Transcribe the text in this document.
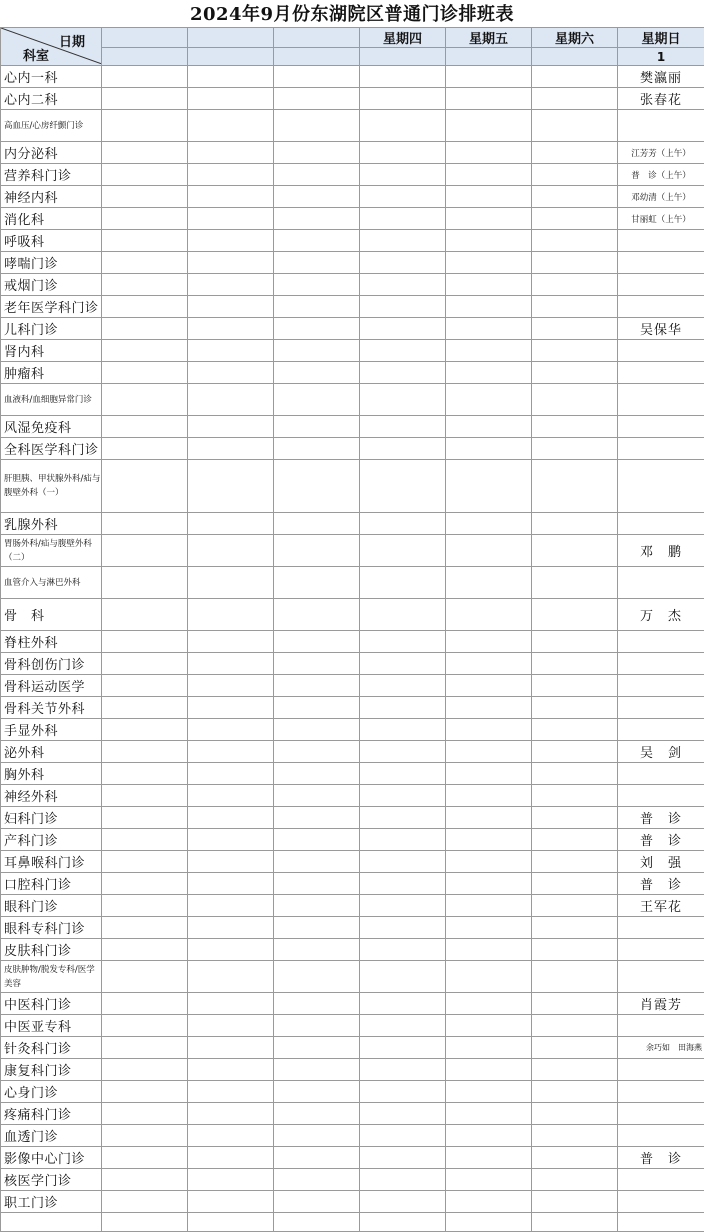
2024年9月份东湖院区普通门诊排班表
日期
科室				星期四	星期五	星期六	星期日
							1
心内一科							樊瀛丽
心内二科							张春花
高血压/心房纤颤门诊							
内分泌科							江芳芳（上午）
营养科门诊							普　诊（上午）
神经内科							邓幼清（上午）
消化科							甘丽虹（上午）
呼吸科							
哮喘门诊							
戒烟门诊							
老年医学科门诊							
儿科门诊							吴保华
肾内科							
肿瘤科							
血液科/血细胞异常门诊							
风湿免疫科							
全科医学科门诊							
肝胆胰、甲状腺外科/疝与腹壁外科（一）							
乳腺外科							
胃肠外科/疝与腹壁外科（二）							邓　鹏
血管介入与淋巴外科							
骨　科							万　杰
脊柱外科							
骨科创伤门诊							
骨科运动医学							
骨科关节外科							
手显外科							
泌外科							吴　剑
胸外科							
神经外科							
妇科门诊							普　诊
产科门诊							普　诊
耳鼻喉科门诊							刘　强
口腔科门诊							普　诊
眼科门诊							王军花
眼科专科门诊							
皮肤科门诊							
皮肤肿物/脱发专科/医学美容							
中医科门诊							肖霞芳
中医亚专科							
针灸科门诊							余巧如　田海燕
康复科门诊							
心身门诊							
疼痛科门诊							
血透门诊							
影像中心门诊							普　诊
核医学门诊							
职工门诊							
